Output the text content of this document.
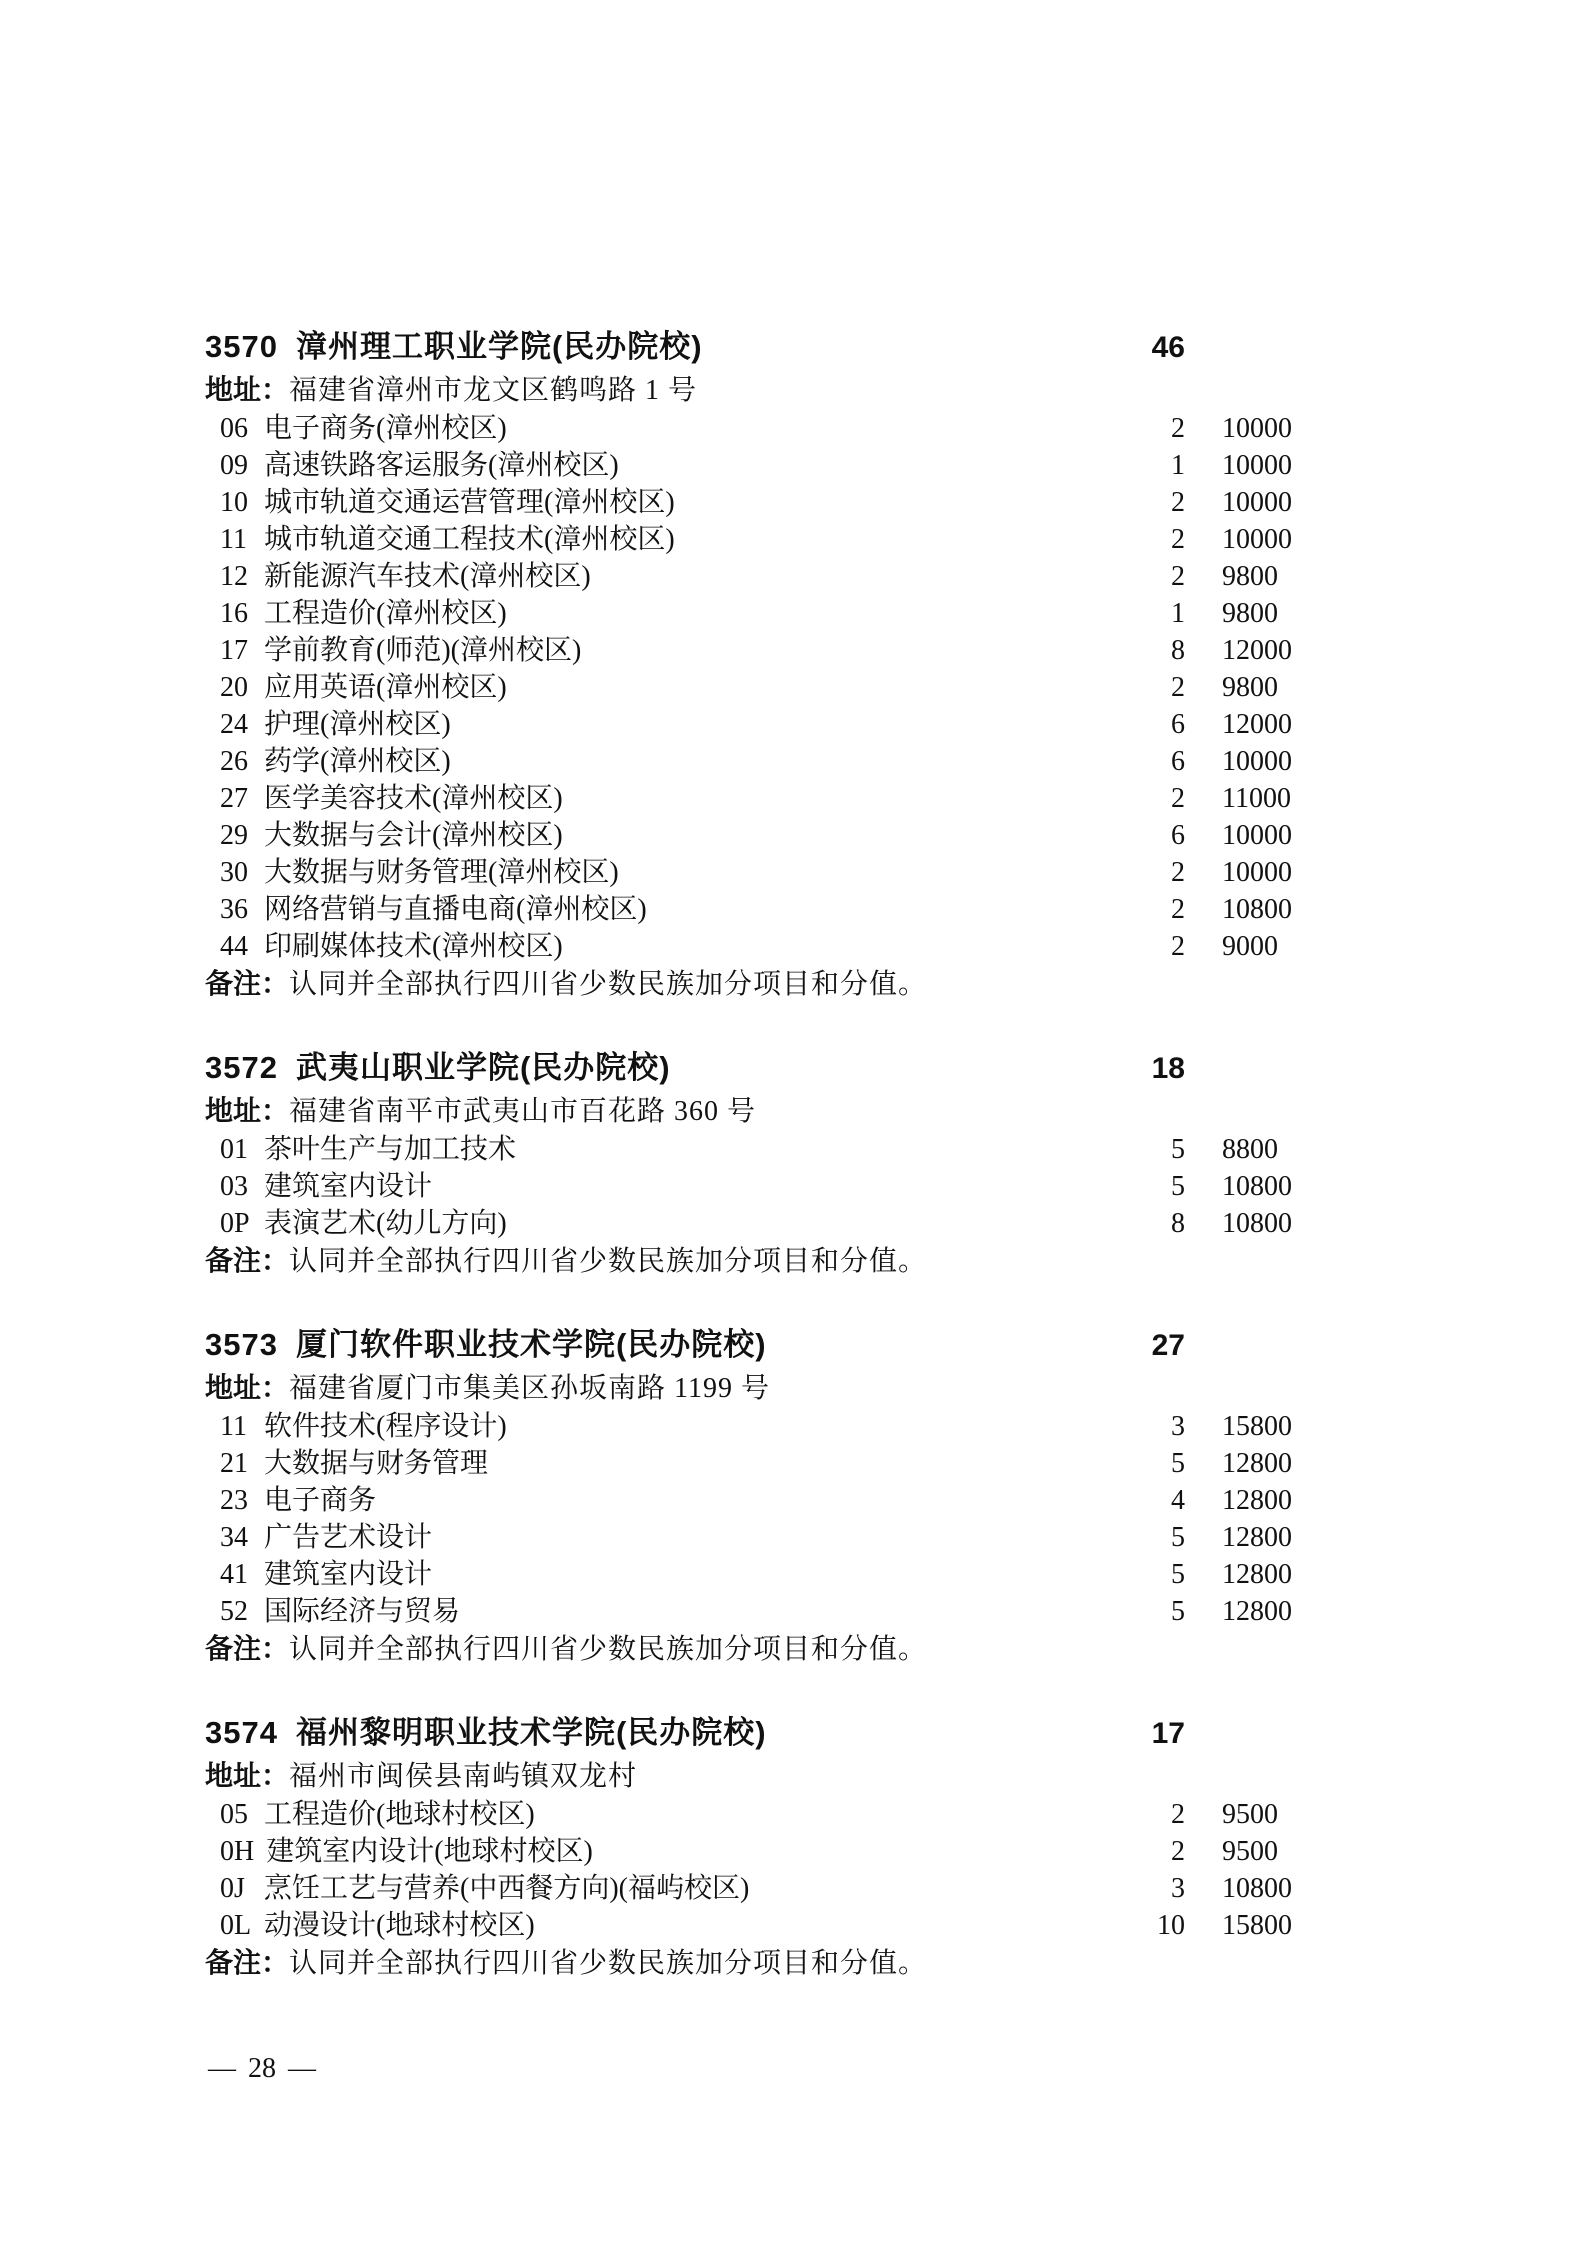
3570 漳州理工职业学院(民办院校)	46
地址：福建省漳州市龙文区鹤鸣路 1 号
06 电子商务(漳州校区)	2	10000
09 高速铁路客运服务(漳州校区)	1	10000
10 城市轨道交通运营管理(漳州校区)	2	10000
11 城市轨道交通工程技术(漳州校区)	2	10000
12 新能源汽车技术(漳州校区)	2	9800
16 工程造价(漳州校区)	1	9800
17 学前教育(师范)(漳州校区)	8	12000
20 应用英语(漳州校区)	2	9800
24 护理(漳州校区)	6	12000
26 药学(漳州校区)	6	10000
27 医学美容技术(漳州校区)	2	11000
29 大数据与会计(漳州校区)	6	10000
30 大数据与财务管理(漳州校区)	2	10000
36 网络营销与直播电商(漳州校区)	2	10800
44 印刷媒体技术(漳州校区)	2	9000
备注：认同并全部执行四川省少数民族加分项目和分值。
3572 武夷山职业学院(民办院校)	18
地址：福建省南平市武夷山市百花路 360 号
01 茶叶生产与加工技术	5	8800
03 建筑室内设计	5	10800
0P 表演艺术(幼儿方向)	8	10800
备注：认同并全部执行四川省少数民族加分项目和分值。
3573 厦门软件职业技术学院(民办院校)	27
地址：福建省厦门市集美区孙坂南路 1199 号
11 软件技术(程序设计)	3	15800
21 大数据与财务管理	5	12800
23 电子商务	4	12800
34 广告艺术设计	5	12800
41 建筑室内设计	5	12800
52 国际经济与贸易	5	12800
备注：认同并全部执行四川省少数民族加分项目和分值。
3574 福州黎明职业技术学院(民办院校)	17
地址：福州市闽侯县南屿镇双龙村
05 工程造价(地球村校区)	2	9500
0H 建筑室内设计(地球村校区)	2	9500
0J 烹饪工艺与营养(中西餐方向)(福屿校区)	3	10800
0L 动漫设计(地球村校区)	10	15800
备注：认同并全部执行四川省少数民族加分项目和分值。
— 28 —
